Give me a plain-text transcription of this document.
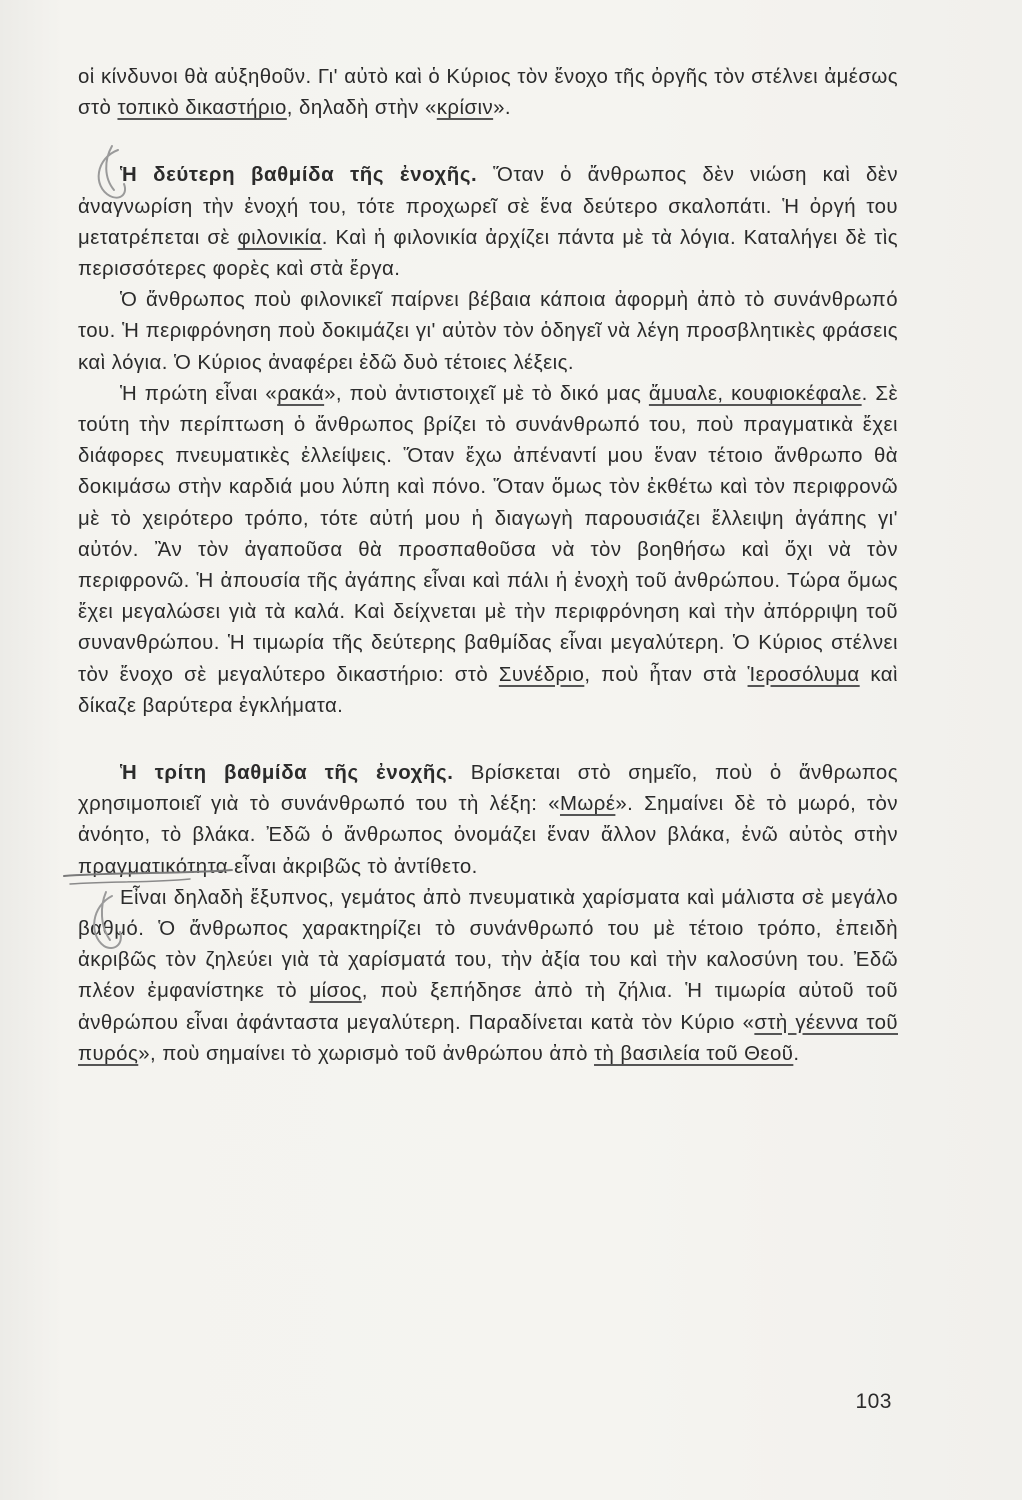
οἱ κίνδυνοι θὰ αὐξηθοῦν. Γι' αὐτὸ καὶ ὁ Κύριος τὸν ἔνοχο τῆς ὀργῆς τὸν στέλνει ἀμέσως στὸ τοπικὸ δικαστήριο, δηλαδὴ στὴν «κρίσιν».

Ἡ δεύτερη βαθμίδα τῆς ἐνοχῆς. Ὅταν ὁ ἄνθρωπος δὲν νιώση καὶ δὲν ἀναγνωρίση τὴν ἐνοχή του, τότε προχωρεῖ σὲ ἕνα δεύτερο σκαλοπάτι. Ἡ ὀργή του μετατρέπεται σὲ φιλονικία. Καὶ ἡ φιλονικία ἀρχίζει πάντα μὲ τὰ λόγια. Καταλήγει δὲ τὶς περισσότερες φορὲς καὶ στὰ ἔργα.

Ὁ ἄνθρωπος ποὺ φιλονικεῖ παίρνει βέβαια κάποια ἀφορμὴ ἀπὸ τὸ συνάνθρωπό του. Ἡ περιφρόνηση ποὺ δοκιμάζει γι' αὐτὸν τὸν ὁδηγεῖ νὰ λέγη προσβλητικὲς φράσεις καὶ λόγια. Ὁ Κύριος ἀναφέρει ἐδῶ δυὸ τέτοιες λέξεις.

Ἡ πρώτη εἶναι «ρακά», ποὺ ἀντιστοιχεῖ μὲ τὸ δικό μας ἄμυαλε, κουφιοκέφαλε. Σὲ τούτη τὴν περίπτωση ὁ ἄνθρωπος βρίζει τὸ συνάνθρωπό του, ποὺ πραγματικὰ ἔχει διάφορες πνευματικὲς ἐλλείψεις. Ὅταν ἔχω ἀπέναντί μου ἕναν τέτοιο ἄνθρωπο θὰ δοκιμάσω στὴν καρδιά μου λύπη καὶ πόνο. Ὅταν ὅμως τὸν ἐκθέτω καὶ τὸν περιφρονῶ μὲ τὸ χειρότερο τρόπο, τότε αὐτή μου ἡ διαγωγὴ παρουσιάζει ἔλλειψη ἀγάπης γι' αὐτόν. Ἂν τὸν ἀγαποῦσα θὰ προσπαθοῦσα νὰ τὸν βοηθήσω καὶ ὄχι νὰ τὸν περιφρονῶ. Ἡ ἀπουσία τῆς ἀγάπης εἶναι καὶ πάλι ἡ ἐνοχὴ τοῦ ἀνθρώπου. Τώρα ὅμως ἔχει μεγαλώσει γιὰ τὰ καλά. Καὶ δείχνεται μὲ τὴν περιφρόνηση καὶ τὴν ἀπόρριψη τοῦ συνανθρώπου. Ἡ τιμωρία τῆς δεύτερης βαθμίδας εἶναι μεγαλύτερη. Ὁ Κύριος στέλνει τὸν ἔνοχο σὲ μεγαλύτερο δικαστήριο: στὸ Συνέδριο, ποὺ ἦταν στὰ Ἱεροσόλυμα καὶ δίκαζε βαρύτερα ἐγκλήματα.

Ἡ τρίτη βαθμίδα τῆς ἐνοχῆς. Βρίσκεται στὸ σημεῖο, ποὺ ὁ ἄνθρωπος χρησιμοποιεῖ γιὰ τὸ συνάνθρωπό του τὴ λέξη: «Μωρέ». Σημαίνει δὲ τὸ μωρό, τὸν ἀνόητο, τὸ βλάκα. Ἐδῶ ὁ ἄνθρωπος ὀνομάζει ἕναν ἄλλον βλάκα, ἐνῶ αὐτὸς στὴν πραγματικότητα εἶναι ἀκριβῶς τὸ ἀντίθετο.

Εἶναι δηλαδὴ ἔξυπνος, γεμάτος ἀπὸ πνευματικὰ χαρίσματα καὶ μάλιστα σὲ μεγάλο βαθμό. Ὁ ἄνθρωπος χαρακτηρίζει τὸ συνάνθρωπό του μὲ τέτοιο τρόπο, ἐπειδὴ ἀκριβῶς τὸν ζηλεύει γιὰ τὰ χαρίσματά του, τὴν ἀξία του καὶ τὴν καλοσύνη του. Ἐδῶ πλέον ἐμφανίστηκε τὸ μίσος, ποὺ ξεπήδησε ἀπὸ τὴ ζήλια. Ἡ τιμωρία αὐτοῦ τοῦ ἀνθρώπου εἶναι ἀφάνταστα μεγαλύτερη. Παραδίνεται κατὰ τὸν Κύριο «στὴ γέεννα τοῦ πυρός», ποὺ σημαίνει τὸ χωρισμὸ τοῦ ἀνθρώπου ἀπὸ τὴ βασιλεία τοῦ Θεοῦ.

103
